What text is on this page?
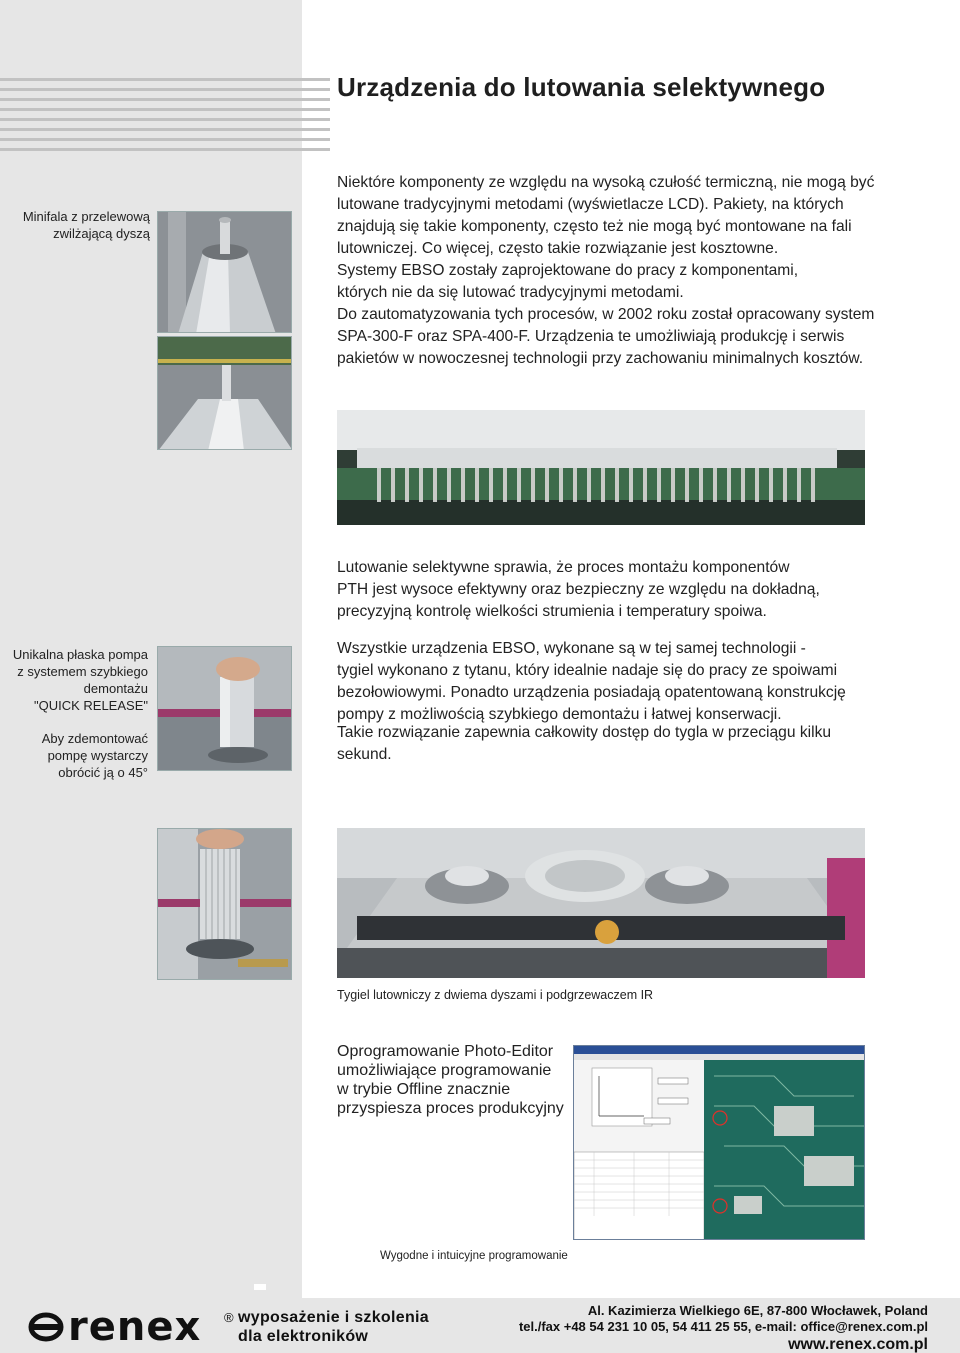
Urządzenia do lutowania selektywnego
Niektóre komponenty ze względu na wysoką czułość termiczną, nie mogą być
lutowane tradycyjnymi metodami (wyświetlacze LCD). Pakiety, na których
znajdują się takie komponenty, często też nie mogą być montowane na fali
lutowniczej. Co więcej, często takie rozwiązanie jest kosztowne.
Systemy EBSO zostały zaprojektowane do pracy z komponentami,
których nie da się lutować tradycyjnymi metodami.
Do zautomatyzowania tych procesów, w 2002 roku został opracowany system
SPA-300-F oraz SPA-400-F. Urządzenia te umożliwiają produkcję i serwis
pakietów w nowoczesnej technologii przy zachowaniu minimalnych kosztów.
Minifala z przelewową
zwilżającą dyszą
Lutowanie selektywne sprawia, że proces montażu komponentów
PTH jest wysoce efektywny oraz bezpieczny ze względu na dokładną,
precyzyjną kontrolę wielkości strumienia i temperatury spoiwa.
Unikalna płaska pompa
z systemem szybkiego
demontażu
"QUICK RELEASE"
Aby zdemontować
pompę wystarczy
obrócić ją o 45°
Wszystkie urządzenia EBSO, wykonane są w tej samej technologii -
tygiel wykonano z tytanu, który idealnie nadaje się do pracy ze spoiwami
bezołowiowymi. Ponadto urządzenia posiadają opatentowaną konstrukcję
pompy z możliwością szybkiego demontażu i łatwej konserwacji.
Takie rozwiązanie zapewnia całkowity dostęp do tygla w przeciągu kilku
sekund.
Tygiel lutowniczy z dwiema dyszami i podgrzewaczem IR
Oprogramowanie Photo-Editor
umożliwiające programowanie
w trybie Offline znacznie
przyspiesza proces produkcyjny
Wygodne i intuicyjne programowanie
renex ® wyposażenie i szkolenia
dla elektroników
Al. Kazimierza Wielkiego 6E, 87-800 Włocławek, Poland
tel./fax +48 54 231 10 05, 54 411 25 55, e-mail: office@renex.com.pl
www.renex.com.pl
